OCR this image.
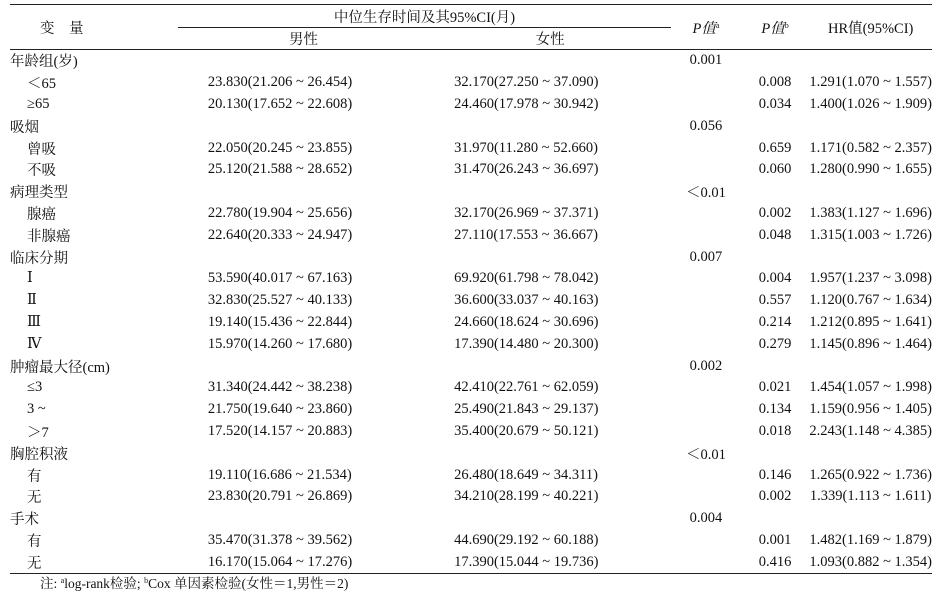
变　量	中位生存时间及其95%CI(月)		P值$^a$	P值$^b$	HR值(95%CI)
	男性	女性			
年龄组(岁)			0.001		
＜65	23.830(21.206 ~ 26.454)	32.170(27.250 ~ 37.090)		0.008	1.291(1.070 ~ 1.557)
≥65	20.130(17.652 ~ 22.608)	24.460(17.978 ~ 30.942)		0.034	1.400(1.026 ~ 1.909)
吸烟			0.056		
曾吸	22.050(20.245 ~ 23.855)	31.970(11.280 ~ 52.660)		0.659	1.171(0.582 ~ 2.357)
不吸	25.120(21.588 ~ 28.652)	31.470(26.243 ~ 36.697)		0.060	1.280(0.990 ~ 1.655)
病理类型			＜0.01		
腺癌	22.780(19.904 ~ 25.656)	32.170(26.969 ~ 37.371)		0.002	1.383(1.127 ~ 1.696)
非腺癌	22.640(20.333 ~ 24.947)	27.110(17.553 ~ 36.667)		0.048	1.315(1.003 ~ 1.726)
临床分期			0.007		
Ⅰ	53.590(40.017 ~ 67.163)	69.920(61.798 ~ 78.042)		0.004	1.957(1.237 ~ 3.098)
Ⅱ	32.830(25.527 ~ 40.133)	36.600(33.037 ~ 40.163)		0.557	1.120(0.767 ~ 1.634)
Ⅲ	19.140(15.436 ~ 22.844)	24.660(18.624 ~ 30.696)		0.214	1.212(0.895 ~ 1.641)
Ⅳ	15.970(14.260 ~ 17.680)	17.390(14.480 ~ 20.300)		0.279	1.145(0.896 ~ 1.464)
肿瘤最大径(cm)			0.002		
≤3	31.340(24.442 ~ 38.238)	42.410(22.761 ~ 62.059)		0.021	1.454(1.057 ~ 1.998)
3 ~	21.750(19.640 ~ 23.860)	25.490(21.843 ~ 29.137)		0.134	1.159(0.956 ~ 1.405)
＞7	17.520(14.157 ~ 20.883)	35.400(20.679 ~ 50.121)		0.018	2.243(1.148 ~ 4.385)
胸腔积液			＜0.01		
有	19.110(16.686 ~ 21.534)	26.480(18.649 ~ 34.311)		0.146	1.265(0.922 ~ 1.736)
无	23.830(20.791 ~ 26.869)	34.210(28.199 ~ 40.221)		0.002	1.339(1.113 ~ 1.611)
手术			0.004		
有	35.470(31.378 ~ 39.562)	44.690(29.192 ~ 60.188)		0.001	1.482(1.169 ~ 1.879)
无	16.170(15.064 ~ 17.276)	17.390(15.044 ~ 19.736)		0.416	1.093(0.882 ~ 1.354)
注: $^a$log-rank检验; $^b$Cox 单因素检验(女性＝1,男性＝2)
